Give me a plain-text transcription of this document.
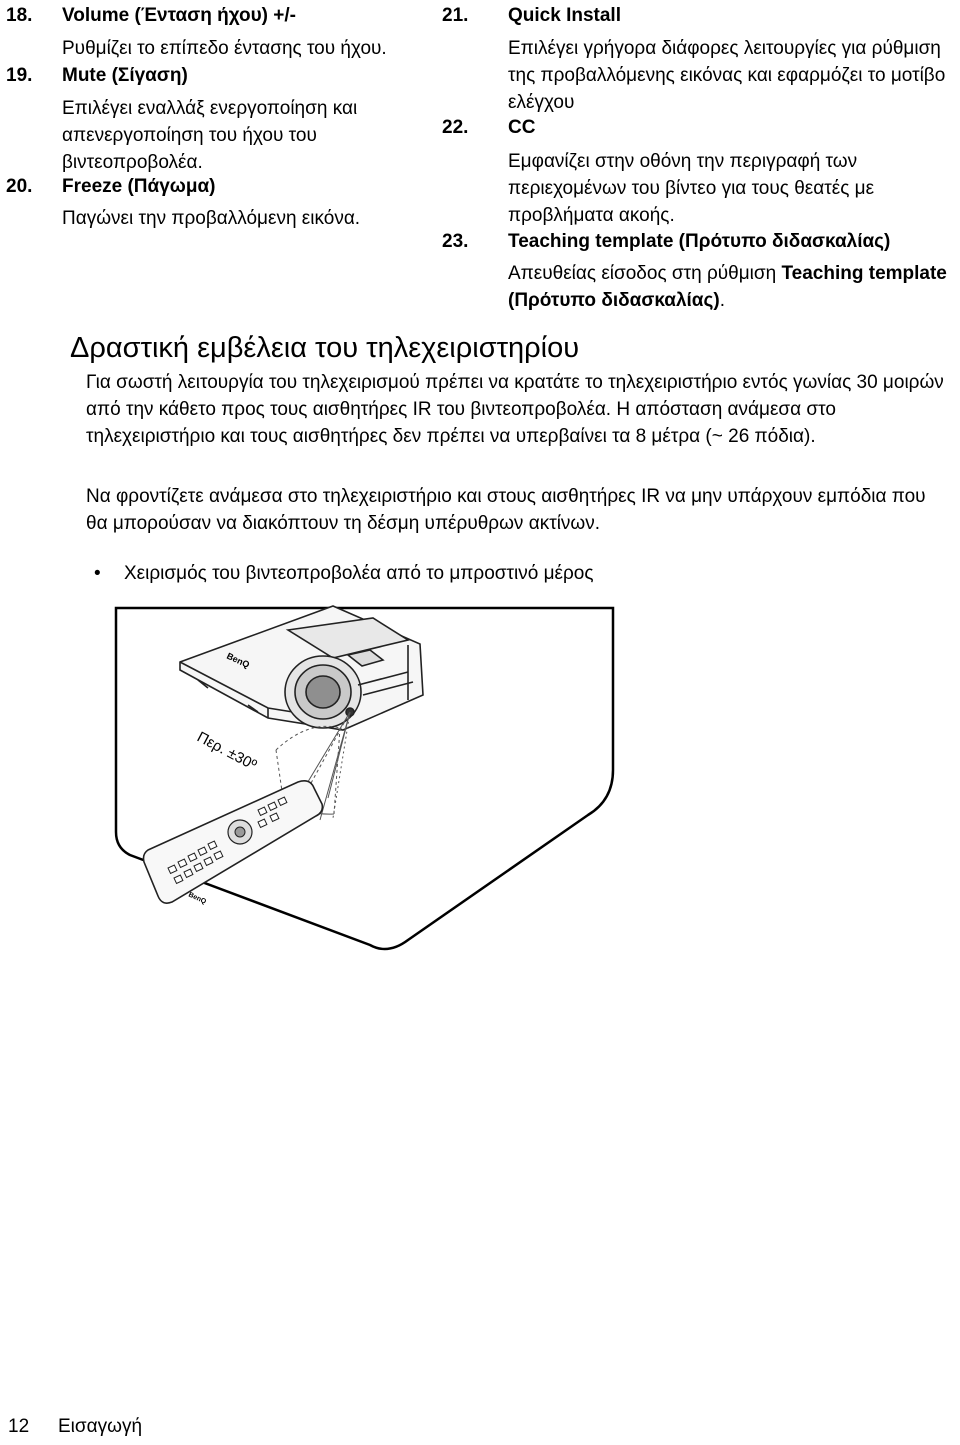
18. Volume (Ένταση ήχου) +/-
Ρυθμίζει το επίπεδο έντασης του ήχου.
19. Mute (Σίγαση)
Επιλέγει εναλλάξ ενεργοποίηση και απενεργοποίηση του ήχου του βιντεοπροβολέα.
20. Freeze (Πάγωμα)
Παγώνει την προβαλλόμενη εικόνα.
21. Quick Install
Επιλέγει γρήγορα διάφορες λειτουργίες για ρύθμιση της προβαλλόμενης εικόνας και εφαρμόζει το μοτίβο ελέγχου
22. CC
Εμφανίζει στην οθόνη την περιγραφή των περιεχομένων του βίντεο για τους θεατές με προβλήματα ακοής.
23. Teaching template (Πρότυπο διδασκαλίας)
Απευθείας είσοδος στη ρύθμιση Teaching template (Πρότυπο διδασκαλίας).
Δραστική εμβέλεια του τηλεχειριστηρίου
Για σωστή λειτουργία του τηλεχειρισμού πρέπει να κρατάτε το τηλεχειριστήριο εντός γωνίας 30 μοιρών από την κάθετο προς τους αισθητήρες IR του βιντεοπροβολέα. Η απόσταση ανάμεσα στο τηλεχειριστήριο και τους αισθητήρες δεν πρέπει να υπερβαίνει τα 8 μέτρα (~ 26 πόδια).
Να φροντίζετε ανάμεσα στο τηλεχειριστήριο και στους αισθητήρες IR να μην υπάρχουν εμπόδια που θα μπορούσαν να διακόπτουν τη δέσμη υπέρυθρων ακτίνων.
• Χειρισμός του βιντεοπροβολέα από το μπροστινό μέρος
BenQ
Περ. ±30º
BenQ
12 Εισαγωγή
